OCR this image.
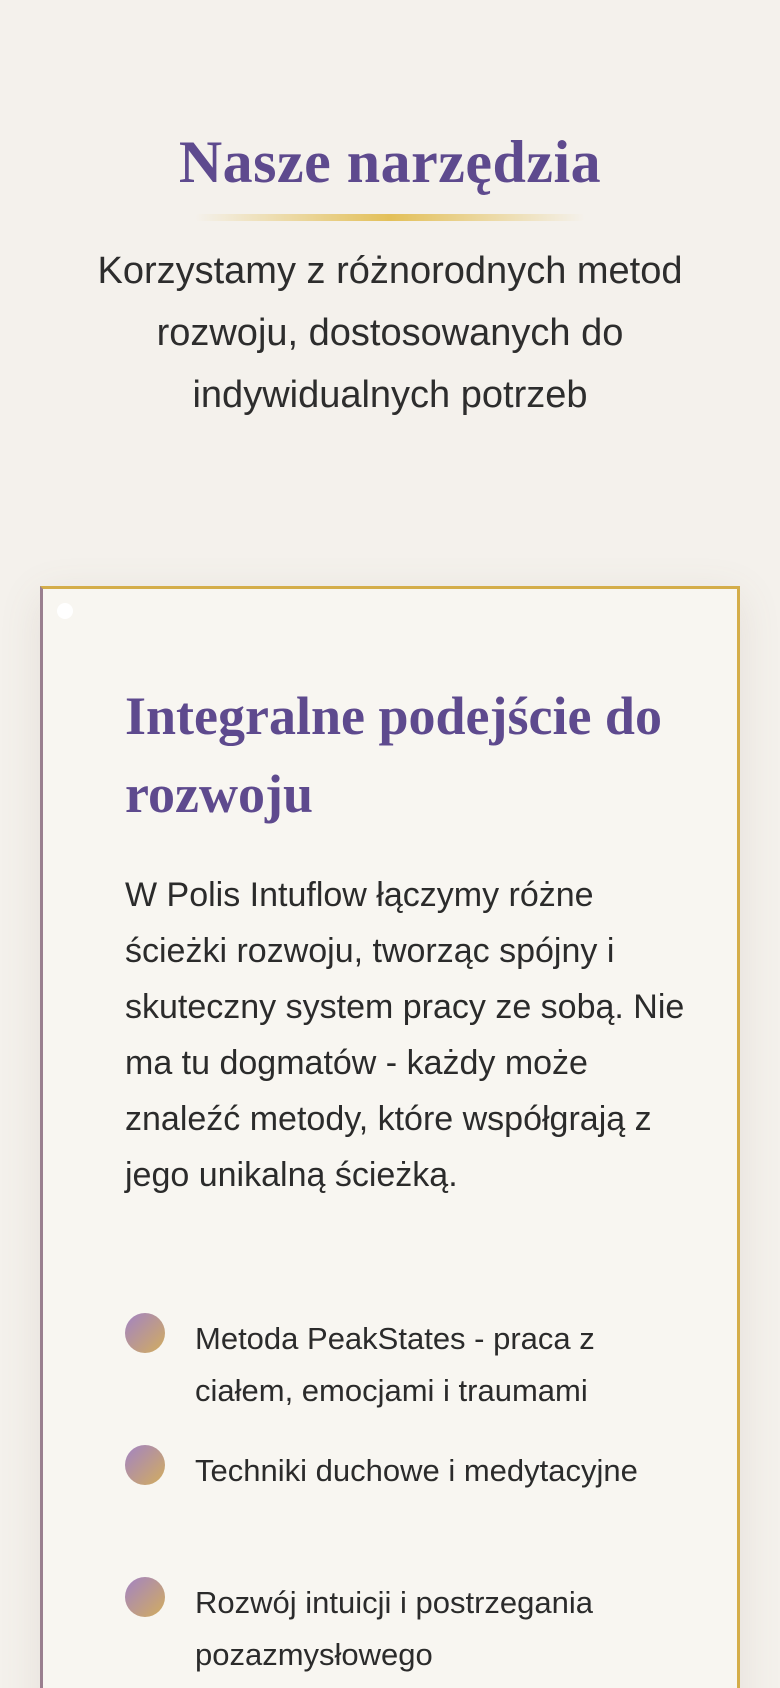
Nasze narzędzia

Korzystamy z różnorodnych metod rozwoju, dostosowanych do indywidualnych potrzeb

Integralne podejście do rozwoju

W Polis Intuflow łączymy różne ścieżki rozwoju, tworząc spójny i skuteczny system pracy ze sobą. Nie ma tu dogmatów - każdy może znaleźć metody, które współgrają z jego unikalną ścieżką.

Metoda PeakStates - praca z ciałem, emocjami i traumami
Techniki duchowe i medytacyjne
Rozwój intuicji i postrzegania pozazmysłowego
